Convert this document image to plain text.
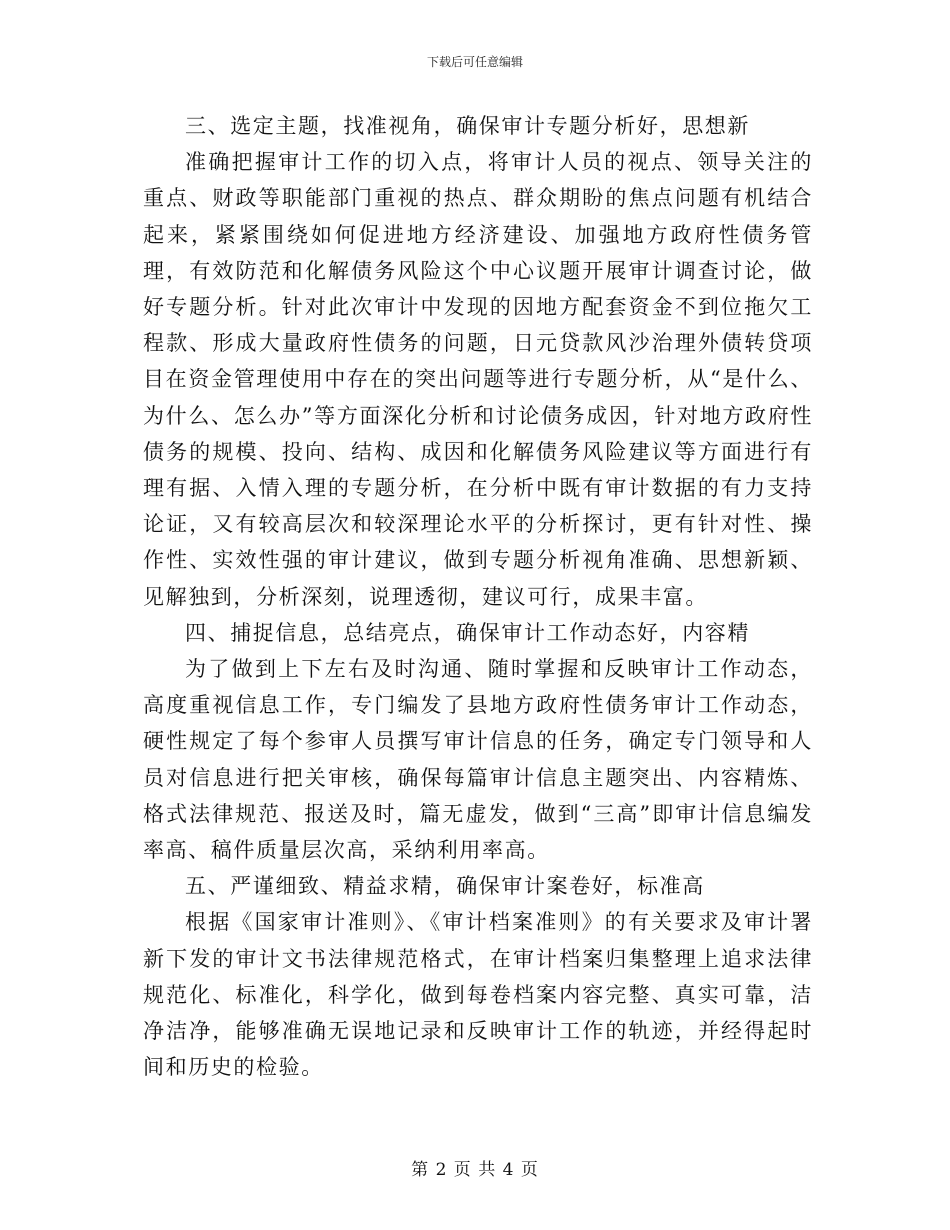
下载后可任意编辑

三、选定主题，找准视角，确保审计专题分析好，思想新

准确把握审计工作的切入点，将审计人员的视点、领导关注的重点、财政等职能部门重视的热点、群众期盼的焦点问题有机结合起来，紧紧围绕如何促进地方经济建设、加强地方政府性债务管理，有效防范和化解债务风险这个中心议题开展审计调查讨论，做好专题分析。针对此次审计中发现的因地方配套资金不到位拖欠工程款、形成大量政府性债务的问题，日元贷款风沙治理外债转贷项目在资金管理使用中存在的突出问题等进行专题分析，从“是什么、为什么、怎么办”等方面深化分析和讨论债务成因，针对地方政府性债务的规模、投向、结构、成因和化解债务风险建议等方面进行有理有据、入情入理的专题分析，在分析中既有审计数据的有力支持论证，又有较高层次和较深理论水平的分析探讨，更有针对性、操作性、实效性强的审计建议，做到专题分析视角准确、思想新颖、见解独到，分析深刻，说理透彻，建议可行，成果丰富。

四、捕捉信息，总结亮点，确保审计工作动态好，内容精

为了做到上下左右及时沟通、随时掌握和反映审计工作动态，高度重视信息工作，专门编发了县地方政府性债务审计工作动态，硬性规定了每个参审人员撰写审计信息的任务，确定专门领导和人员对信息进行把关审核，确保每篇审计信息主题突出、内容精炼、格式法律规范、报送及时，篇无虚发，做到“三高”即审计信息编发率高、稿件质量层次高，采纳利用率高。

五、严谨细致、精益求精，确保审计案卷好，标准高

根据《国家审计准则》、《审计档案准则》的有关要求及审计署新下发的审计文书法律规范格式，在审计档案归集整理上追求法律规范化、标准化，科学化，做到每卷档案内容完整、真实可靠，洁净洁净，能够准确无误地记录和反映审计工作的轨迹，并经得起时间和历史的检验。

第 2 页 共 4 页
